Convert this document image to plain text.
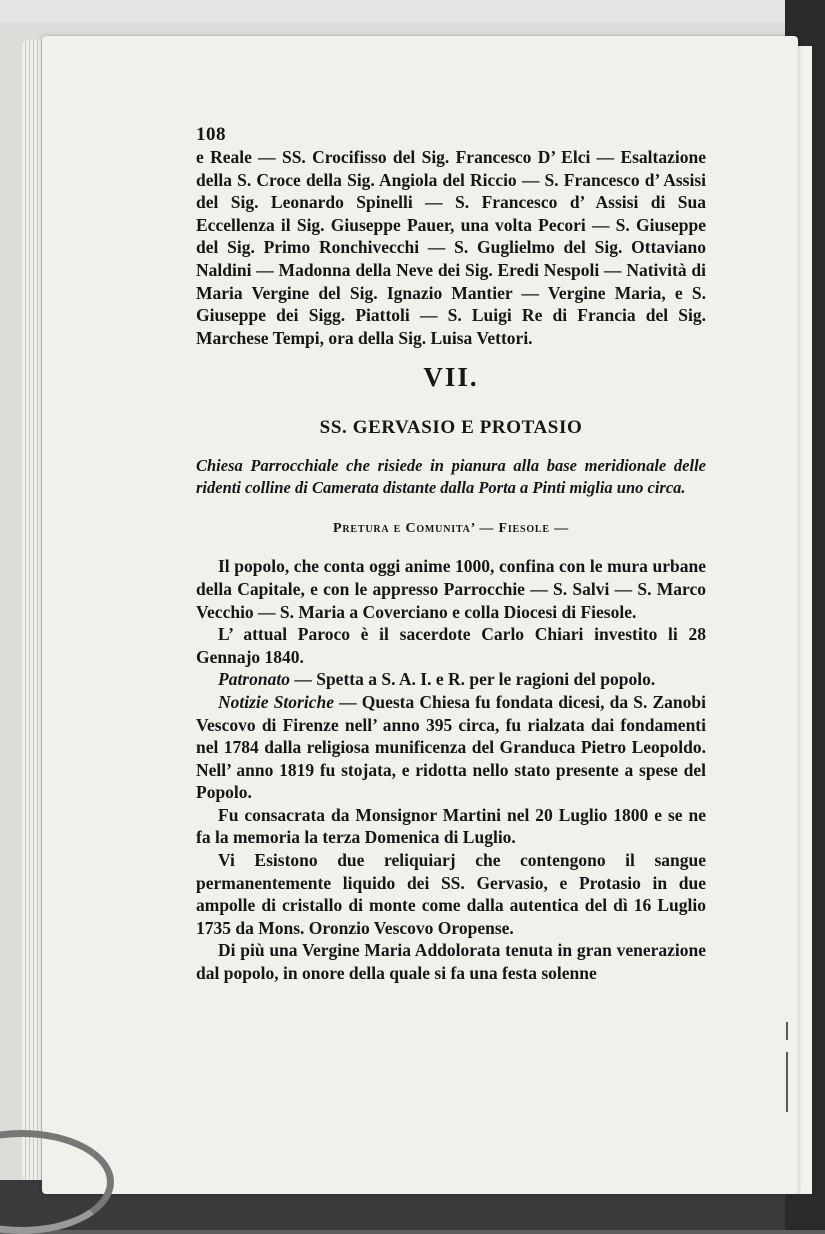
108

e Reale — SS. Crocifisso del Sig. Francesco D’ Elci — Esaltazione della S. Croce della Sig. Angiola del Riccio — S. Francesco d’ Assisi del Sig. Leonardo Spinelli — S. Francesco d’ Assisi di Sua Eccellenza il Sig. Giuseppe Pauer, una volta Pecori — S. Giuseppe del Sig. Primo Ronchivecchi — S. Guglielmo del Sig. Ottaviano Naldini — Madonna della Neve dei Sig. Eredi Nespoli — Natività di Maria Vergine del Sig. Ignazio Mantier — Vergine Maria, e S. Giuseppe dei Sigg. Piattoli — S. Luigi Re di Francia del Sig. Marchese Tempi, ora della Sig. Luisa Vettori.

VII.
SS. GERVASIO E PROTASIO

Chiesa Parrocchiale che risiede in pianura alla base meridionale delle ridenti colline di Camerata distante dalla Porta a Pinti miglia uno circa.

Pretura e Comunita’ — Fiesole —

Il popolo, che conta oggi anime 1000, confina con le mura urbane della Capitale, e con le appresso Parrocchie — S. Salvi — S. Marco Vecchio — S. Maria a Coverciano e colla Diocesi di Fiesole.

L’ attual Paroco è il sacerdote Carlo Chiari investito li 28 Gennajo 1840.

Patronato — Spetta a S. A. I. e R. per le ragioni del popolo.

Notizie Storiche — Questa Chiesa fu fondata dicesi, da S. Zanobi Vescovo di Firenze nell’ anno 395 circa, fu rialzata dai fondamenti nel 1784 dalla religiosa munificenza del Granduca Pietro Leopoldo. Nell’ anno 1819 fu stojata, e ridotta nello stato presente a spese del Popolo.

Fu consacrata da Monsignor Martini nel 20 Luglio 1800 e se ne fa la memoria la terza Domenica di Luglio.

Vi Esistono due reliquiarj che contengono il sangue permanentemente liquido dei SS. Gervasio, e Protasio in due ampolle di cristallo di monte come dalla autentica del dì 16 Luglio 1735 da Mons. Oronzio Vescovo Oropense.

Di più una Vergine Maria Addolorata tenuta in gran venerazione dal popolo, in onore della quale si fa una festa solenne
